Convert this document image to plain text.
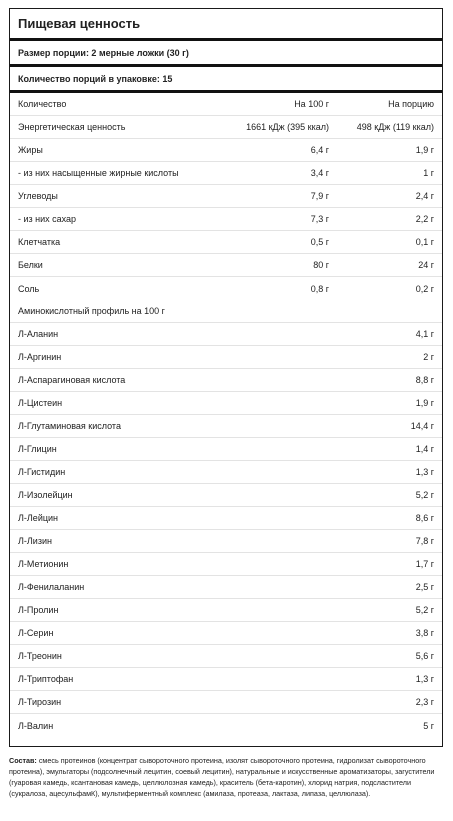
Пищевая ценность
Размер порции: 2 мерные ложки (30 г)
Количество порций в упаковке: 15
Количество	На 100 г	На порцию
Энергетическая ценность	1661 кДж (395 ккал)	498 кДж (119 ккал)
Жиры	6,4 г	1,9 г
- из них насыщенные жирные кислоты	3,4 г	1 г
Углеводы	7,9 г	2,4 г
- из них сахар	7,3 г	2,2 г
Клетчатка	0,5 г	0,1 г
Белки	80 г	24 г
Соль	0,8 г	0,2 г
Аминокислотный профиль на 100 г
Л-Аланин	4,1 г
Л-Аргинин	2 г
Л-Аспарагиновая кислота	8,8 г
Л-Цистеин	1,9 г
Л-Глутаминовая кислота	14,4 г
Л-Глицин	1,4 г
Л-Гистидин	1,3 г
Л-Изолейцин	5,2 г
Л-Лейцин	8,6 г
Л-Лизин	7,8 г
Л-Метионин	1,7 г
Л-Фенилаланин	2,5 г
Л-Пролин	5,2 г
Л-Серин	3,8 г
Л-Треонин	5,6 г
Л-Триптофан	1,3 г
Л-Тирозин	2,3 г
Л-Валин	5 г
Состав: смесь протеинов (концентрат сывороточного протеина, изолят сывороточного протеина, гидролизат сывороточного протеина), эмульгаторы (подсолнечный лецитин, соевый лецитин), натуральные и искусственные ароматизаторы, загустители (гуаровая камедь, ксантановая камедь, целлюлозная камедь), краситель (бета-каротин), хлорид натрия, подсластители (сукралоза, ацесульфамК), мультиферментный комплекс (амилаза, протеаза, лактаза, липаза, целлюлаза).
